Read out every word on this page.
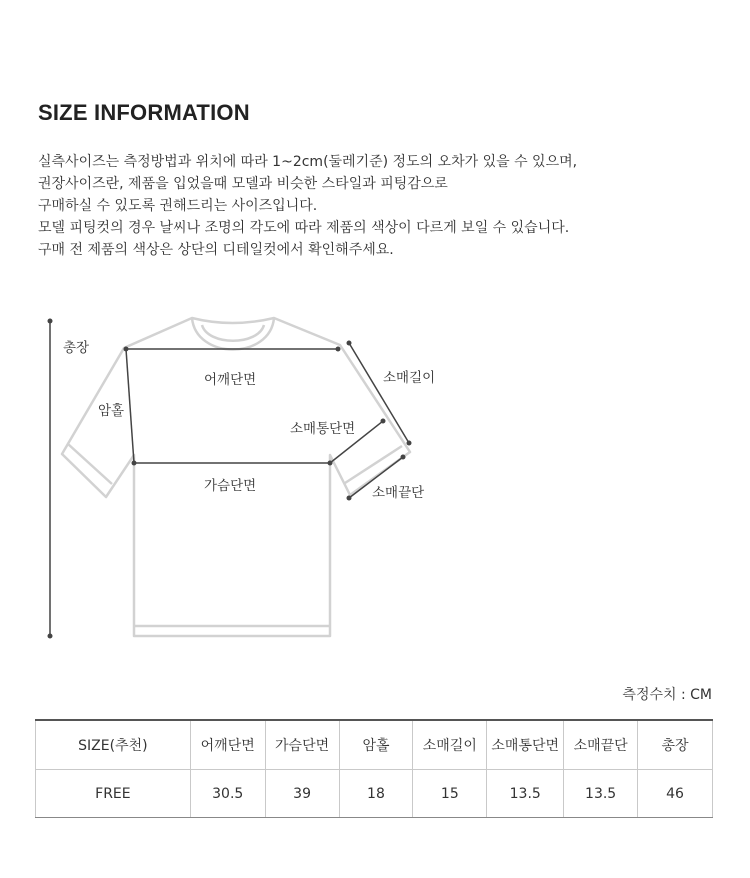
SIZE INFORMATION
실측사이즈는 측정방법과 위치에 따라 1~2cm(둘레기준) 정도의 오차가 있을 수 있으며,
권장사이즈란, 제품을 입었을때 모델과 비슷한 스타일과 피팅감으로
구매하실 수 있도록 권해드리는 사이즈입니다.
모델 피팅컷의 경우 날씨나 조명의 각도에 따라 제품의 색상이 다르게 보일 수 있습니다.
구매 전 제품의 색상은 상단의 디테일컷에서 확인해주세요.
총장
어깨단면
암홀
소매길이
소매통단면
가슴단면	소매끝단
측정수치 : CM
SIZE(추천)	어깨단면	가슴단면	암홀	소매길이	소매통단면	소매끝단	총장
FREE	30.5	39	18	15	13.5	13.5	46
